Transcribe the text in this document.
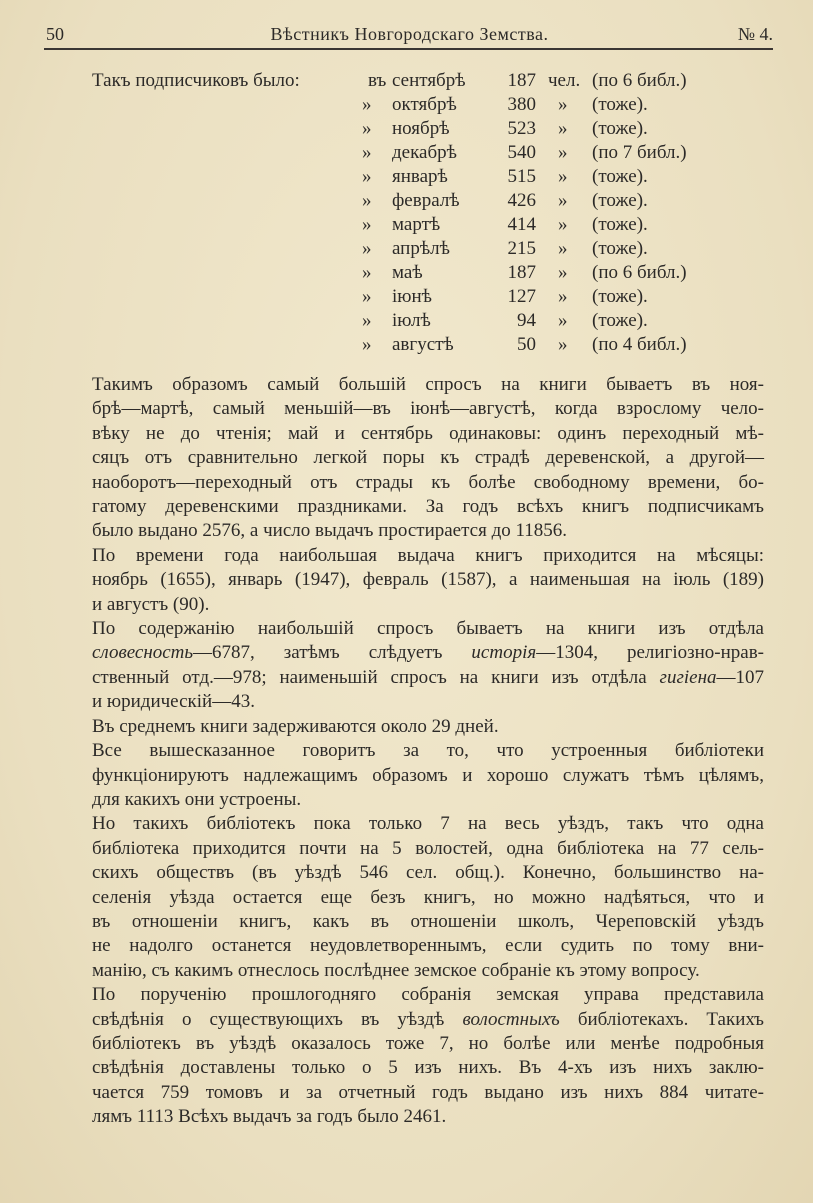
50	Вѣстникъ Новгородскаго Земства.	№ 4.
Такъ подписчиковъ было:	въ сентябрѣ	187 чел. (по 6 библ.)
» октябрѣ	380 » (тоже).
» ноябрѣ	523 » (тоже).
» декабрѣ	540 » (по 7 библ.)
» январѣ	515 » (тоже).
» февралѣ	426 » (тоже).
» мартѣ	414 » (тоже).
» апрѣлѣ	215 » (тоже).
» маѣ	187 » (по 6 библ.)
» iюнѣ	127 » (тоже).
» iюлѣ	94 » (тоже).
» августѣ	50 » (по 4 библ.)

Такимъ образомъ самый большiй спросъ на книги бываетъ въ ноя-
брѣ—мартѣ, самый меньшiй—въ iюнѣ—августѣ, когда взрослому чело-
вѣку не до чтенiя; май и сентябрь одинаковы: одинъ переходный мѣ-
сяцъ отъ сравнительно легкой поры къ страдѣ деревенской, а другой—
наоборотъ—переходный отъ страды къ болѣе свободному времени, бо-
гатому деревенскими праздниками. За годъ всѣхъ книгъ подписчикамъ
было выдано 2576, а число выдачъ простирается до 11856.

По времени года наибольшая выдача книгъ приходится на мѣсяцы:
ноябрь (1655), январь (1947), февраль (1587), а наименьшая на iюль (189)
и августъ (90).

По содержанiю наибольшiй спросъ бываетъ на книги изъ отдѣла
словесность—6787, затѣмъ слѣдуетъ исторiя—1304, религiозно-нрав-
ственный отд.—978; наименьшiй спросъ на книги изъ отдѣла гигiена—107
и юридическiй—43.

Въ среднемъ книги задерживаются около 29 дней.

Все вышесказанное говоритъ за то, что устроенныя библiотеки
функцiонируютъ надлежащимъ образомъ и хорошо служатъ тѣмъ цѣлямъ,
для какихъ они устроены.

Но такихъ библiотекъ пока только 7 на весь уѣздъ, такъ что одна
библiотека приходится почти на 5 волостей, одна библiотека на 77 сель-
скихъ обществъ (въ уѣздѣ 546 сел. общ.). Конечно, большинство на-
селенiя уѣзда остается еще безъ книгъ, но можно надѣяться, что и
въ отношенiи книгъ, какъ въ отношенiи школъ, Череповскiй уѣздъ
не надолго останется неудовлетвореннымъ, если судить по тому вни-
манiю, съ какимъ отнеслось послѣднее земское собранiе къ этому вопросу.

По порученiю прошлогодняго собранiя земская управа представила
свѣдѣнiя о существующихъ въ уѣздѣ волостныхъ библiотекахъ. Такихъ
библiотекъ въ уѣздѣ оказалось тоже 7, но болѣе или менѣе подробныя
свѣдѣнiя доставлены только о 5 изъ нихъ. Въ 4-хъ изъ нихъ заклю-
чается 759 томовъ и за отчетный годъ выдано изъ нихъ 884 читате-
лямъ 1113 Всѣхъ выдачъ за годъ было 2461.
